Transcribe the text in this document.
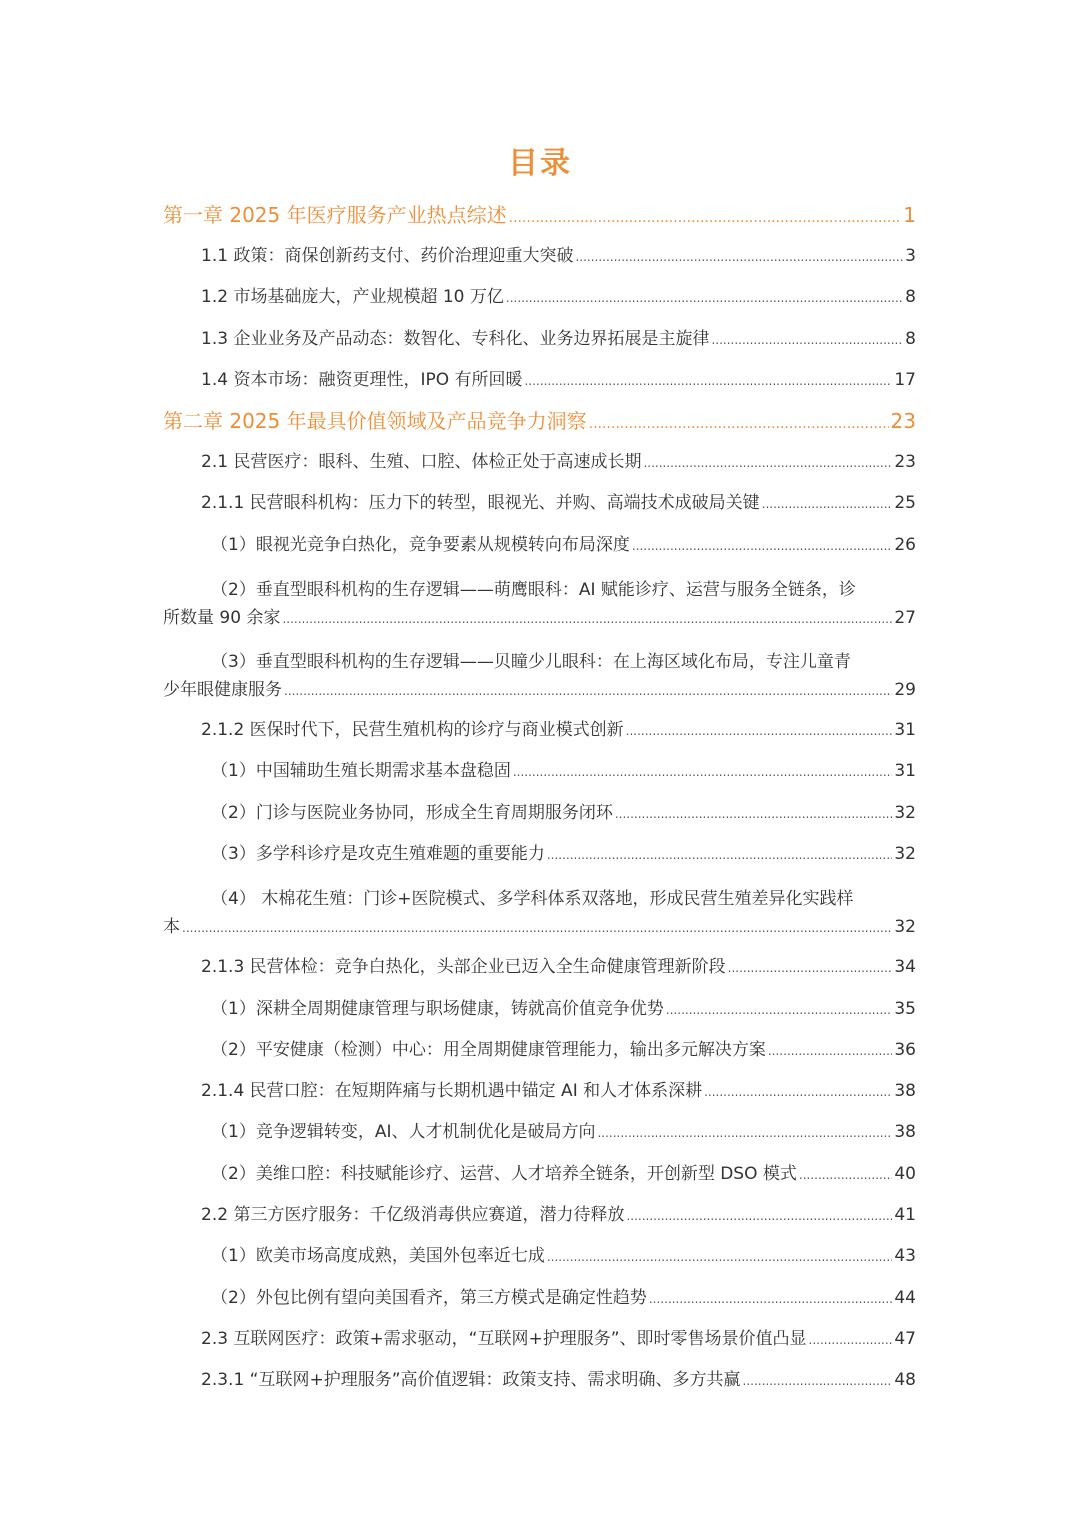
目录
第一章 2025 年医疗服务产业热点综述 .....	1
1.1 政策：商保创新药支付、药价治理迎重大突破 .....	3
1.2 市场基础庞大，产业规模超 10 万亿 .....	8
1.3 企业业务及产品动态：数智化、专科化、业务边界拓展是主旋律 .....	8
1.4 资本市场：融资更理性，IPO 有所回暖 .....	17
第二章 2025 年最具价值领域及产品竞争力洞察 .....	23
2.1 民营医疗：眼科、生殖、口腔、体检正处于高速成长期 .....	23
2.1.1 民营眼科机构：压力下的转型，眼视光、并购、高端技术成破局关键 .....	25
（1）眼视光竞争白热化，竞争要素从规模转向布局深度 .....	26
（2）垂直型眼科机构的生存逻辑——萌鹰眼科：AI 赋能诊疗、运营与服务全链条，诊
所数量 90 余家 .....	27
（3）垂直型眼科机构的生存逻辑——贝瞳少儿眼科：在上海区域化布局，专注儿童青
少年眼健康服务 .....	29
2.1.2 医保时代下，民营生殖机构的诊疗与商业模式创新 .....	31
（1）中国辅助生殖长期需求基本盘稳固 .....	31
（2）门诊与医院业务协同，形成全生育周期服务闭环 .....	32
（3）多学科诊疗是攻克生殖难题的重要能力 .....	32
（4） 木棉花生殖：门诊+医院模式、多学科体系双落地，形成民营生殖差异化实践样
本 .....	32
2.1.3 民营体检：竞争白热化，头部企业已迈入全生命健康管理新阶段 .....	34
（1）深耕全周期健康管理与职场健康，铸就高价值竞争优势 .....	35
（2）平安健康（检测）中心：用全周期健康管理能力，输出多元解决方案 .....	36
2.1.4 民营口腔：在短期阵痛与长期机遇中锚定 AI 和人才体系深耕 .....	38
（1）竞争逻辑转变，AI、人才机制优化是破局方向 .....	38
（2）美维口腔：科技赋能诊疗、运营、人才培养全链条，开创新型 DSO 模式 .....	40
2.2 第三方医疗服务：千亿级消毒供应赛道，潜力待释放 .....	41
（1）欧美市场高度成熟，美国外包率近七成 .....	43
（2）外包比例有望向美国看齐，第三方模式是确定性趋势 .....	44
2.3 互联网医疗：政策+需求驱动，“互联网+护理服务”、即时零售场景价值凸显 .....	47
2.3.1 “互联网+护理服务”高价值逻辑：政策支持、需求明确、多方共赢 .....	48
